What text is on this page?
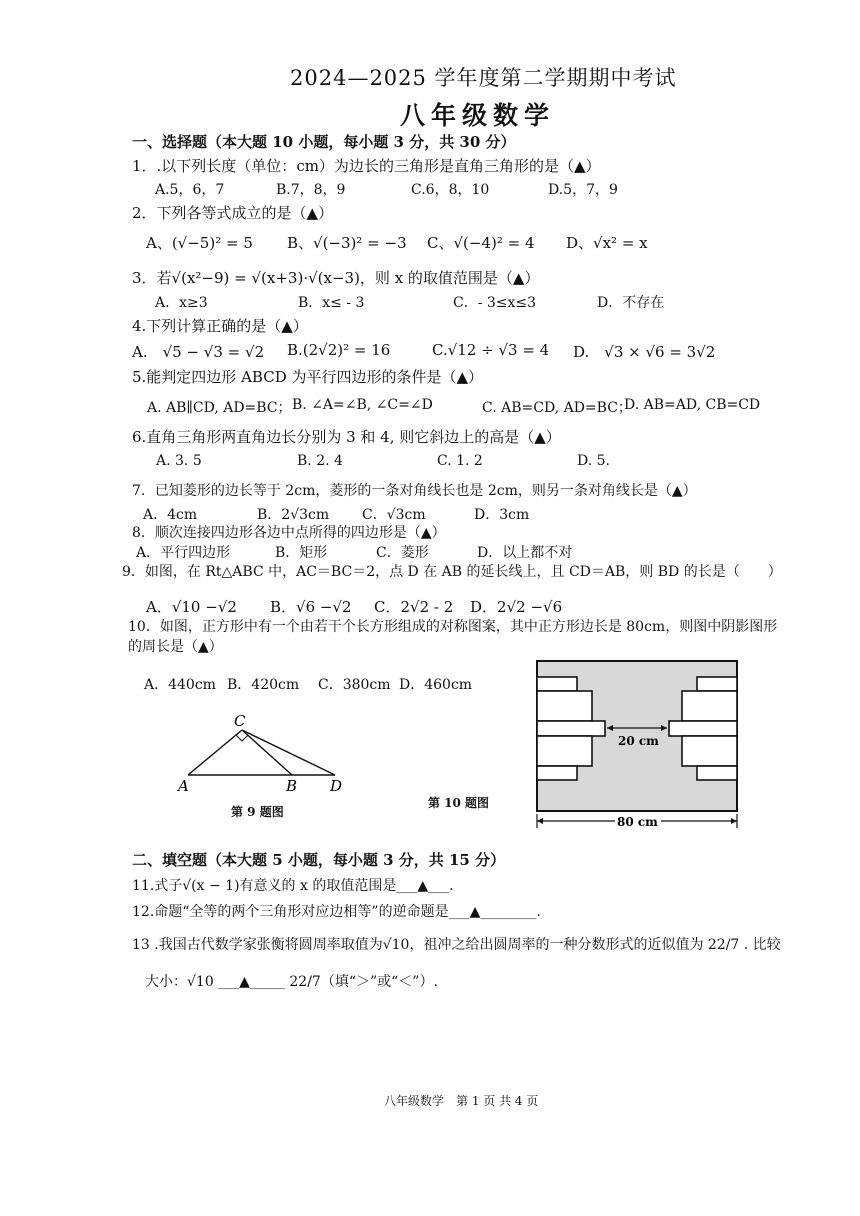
2024—2025 学年度第二学期期中考试
八年级数学
一、选择题（本大题 10 小题，每小题 3 分，共 30 分）
1．.以下列长度（单位：cm）为边长的三角形是直角三角形的是（▲）
A.5，6，7	B.7，8，9	C.6，8，10	D.5，7，9
2．下列各等式成立的是（▲）
A、(√−5)² = 5 B、√(−3)² = −3 C、√(−4)² = 4 D、√x² = x
3．若√(x²−9) = √(x+3)·√(x−3)，则 x 的取值范围是（▲）
A．x≥3	B．x≤ - 3	C．- 3≤x≤3	D．不存在
4.下列计算正确的是（▲）
A.　√5 − √3 = √2 B.(2√2)² = 16	C.√12 ÷ √3 = 4 D.　√3 × √6 = 3√2
5.能判定四边形 ABCD 为平行四边形的条件是（▲）
A. AB∥CD, AD=BC； B. ∠A=∠B, ∠C=∠D	C. AB=CD, AD=BC；
D. AB=AD, CB=CD
6.直角三角形两直角边长分别为 3 和 4, 则它斜边上的高是（▲）
A. 3. 5	B. 2. 4	C. 1. 2	D. 5.
7．已知菱形的边长等于 2cm，菱形的一条对角线长也是 2cm，则另一条对角线长是（▲）
A．4cm	B．2√3cm C．√3cm	D．3cm
8．顺次连接四边形各边中点所得的四边形是（▲）
A．平行四边形	B．矩形	C．菱形	D．以上都不对
9．如图，在 Rt△ABC 中，AC＝BC＝2，点 D 在 AB 的延长线上，且 CD＝AB，则 BD 的长是（　　）
A．√10 −√2 B．√6 −√2 C．2√2 - 2 D．2√2 −√6
10．如图，正方形中有一个由若干个长方形组成的对称图案，其中正方形边长是 80cm，则图中阴影图形
的周长是（▲）
A．440cm B．420cm C．380cm D．460cm
C
A	B D
第 9 题图
第 10 题图
20 cm
80 cm
二、填空题（本大题 5 小题，每小题 3 分，共 15 分）
11.式子√(x − 1)有意义的 x 的取值范围是___▲___.
12.命题“全等的两个三角形对应边相等”的逆命题是___▲________.
13 .我国古代数学家张衡将圆周率取值为√10，祖冲之给出圆周率的一种分数形式的近似值为 22/7 . 比较
大小：√10 ___▲_____ 22/7（填“＞”或“＜”）.
八年级数学　第 1 页 共 4 页
